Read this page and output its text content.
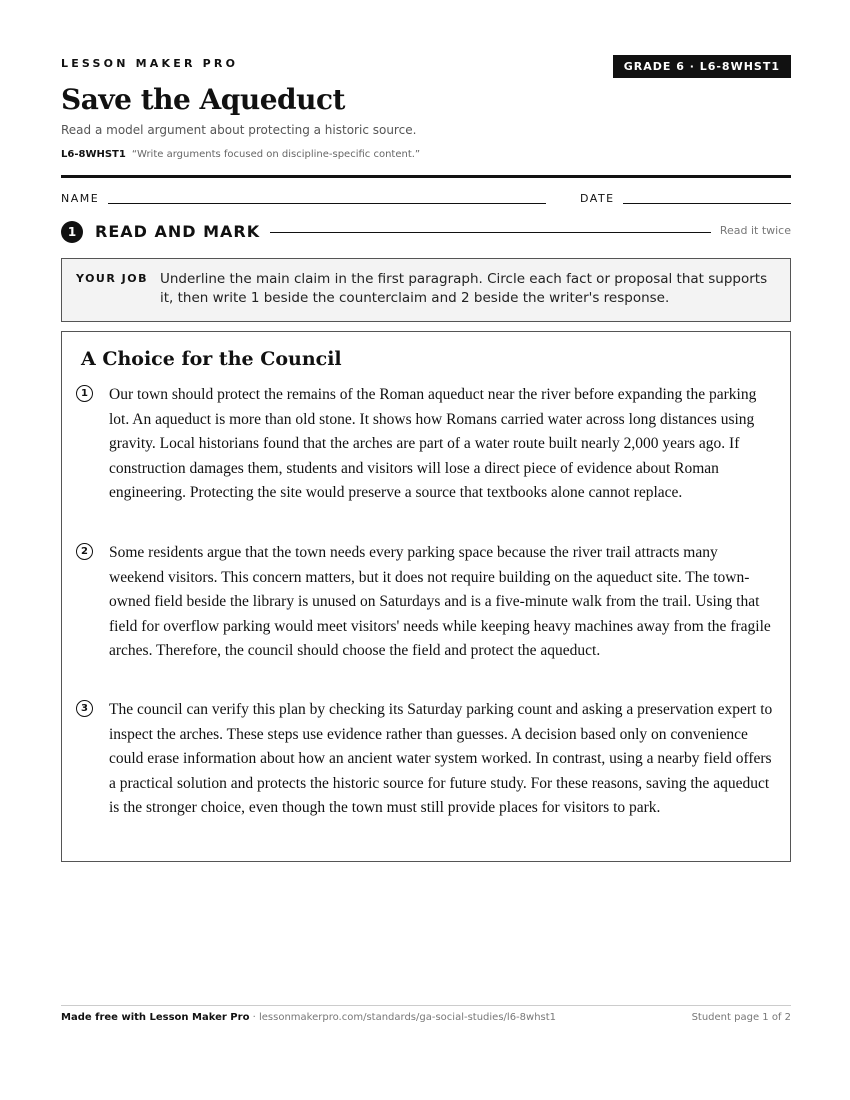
LESSON MAKER PRO	GRADE 6 · L6-8WHST1
Save the Aqueduct
Read a model argument about protecting a historic source.
L6-8WHST1 “Write arguments focused on discipline-specific content.”
NAME	DATE
1	READ AND MARK	Read it twice
YOUR JOB Underline the main claim in the first paragraph. Circle each fact or proposal that supports it, then write 1 beside the counterclaim and 2 beside the writer's response.
A Choice for the Council
1	Our town should protect the remains of the Roman aqueduct near the river before expanding the parking lot. An aqueduct is more than old stone. It shows how Romans carried water across long distances using gravity. Local historians found that the arches are part of a water route built nearly 2,000 years ago. If construction damages them, students and visitors will lose a direct piece of evidence about Roman engineering. Protecting the site would preserve a source that textbooks alone cannot replace.

2	Some residents argue that the town needs every parking space because the river trail attracts many weekend visitors. This concern matters, but it does not require building on the aqueduct site. The town-owned field beside the library is unused on Saturdays and is a five-minute walk from the trail. Using that field for overflow parking would meet visitors' needs while keeping heavy machines away from the fragile arches. Therefore, the council should choose the field and protect the aqueduct.

3	The council can verify this plan by checking its Saturday parking count and asking a preservation expert to inspect the arches. These steps use evidence rather than guesses. A decision based only on convenience could erase information about how an ancient water system worked. In contrast, using a nearby field offers a practical solution and protects the historic source for future study. For these reasons, saving the aqueduct is the stronger choice, even though the town must still provide places for visitors to park.

Made free with Lesson Maker Pro · lessonmakerpro.com/standards/ga-social-studies/l6-8whst1	Student page 1 of 2
